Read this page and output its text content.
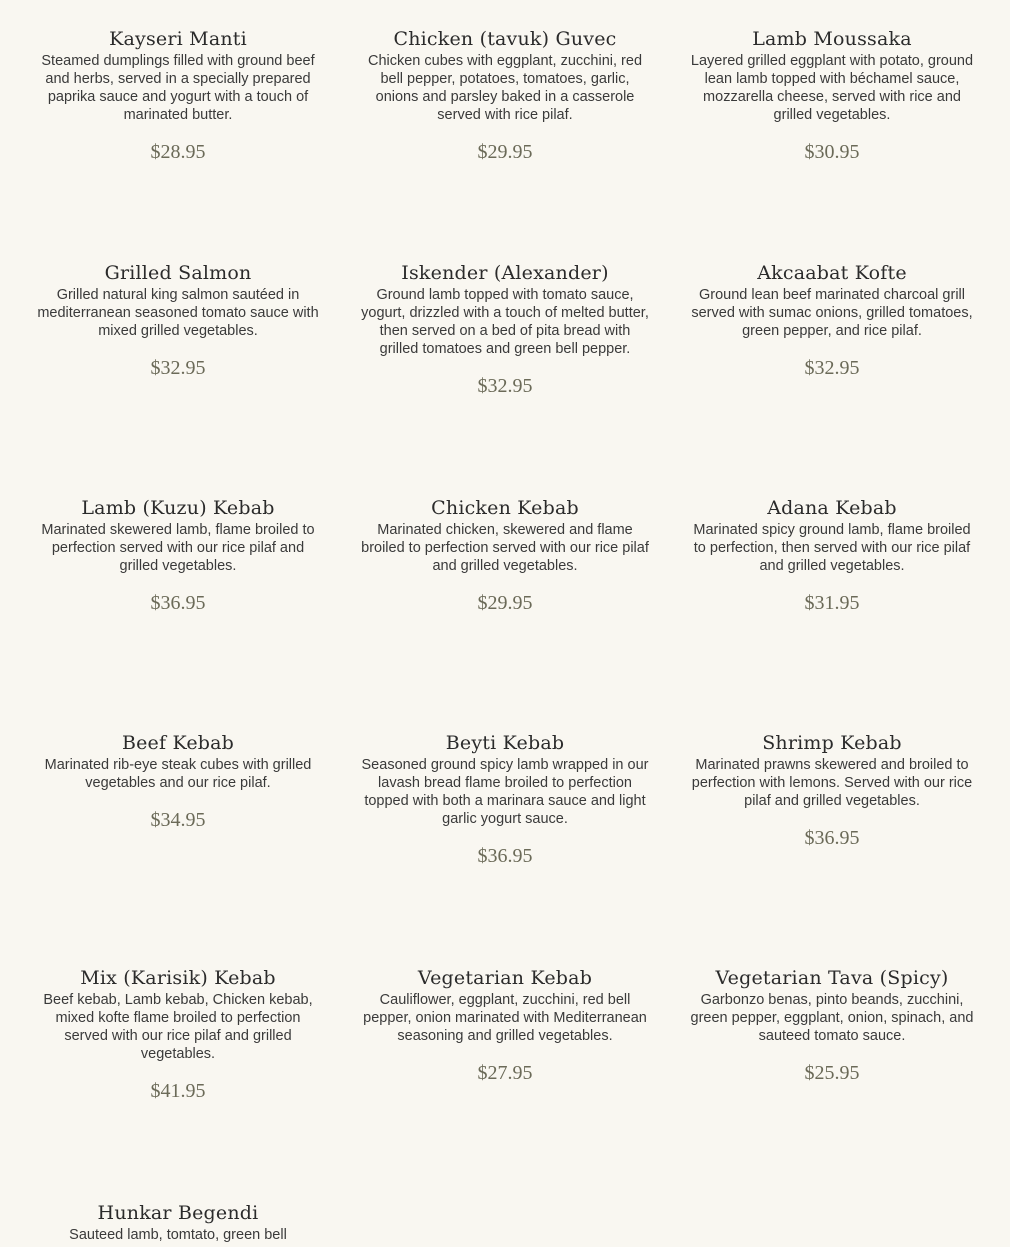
Kayseri Manti
Steamed dumplings filled with ground beef and herbs, served in a specially prepared paprika sauce and yogurt with a touch of marinated butter.
$28.95
Chicken (tavuk) Guvec
Chicken cubes with eggplant, zucchini, red bell pepper, potatoes, tomatoes, garlic, onions and parsley baked in a casserole served with rice pilaf.
$29.95
Lamb Moussaka
Layered grilled eggplant with potato, ground lean lamb topped with béchamel sauce, mozzarella cheese, served with rice and grilled vegetables.
$30.95
Grilled Salmon
Grilled natural king salmon sautéed in mediterranean seasoned tomato sauce with mixed grilled vegetables.
$32.95
Iskender (Alexander)
Ground lamb topped with tomato sauce, yogurt, drizzled with a touch of melted butter, then served on a bed of pita bread with grilled tomatoes and green bell pepper.
$32.95
Akcaabat Kofte
Ground lean beef marinated charcoal grill served with sumac onions, grilled tomatoes, green pepper, and rice pilaf.
$32.95
Lamb (Kuzu) Kebab
Marinated skewered lamb, flame broiled to perfection served with our rice pilaf and grilled vegetables.
$36.95
Chicken Kebab
Marinated chicken, skewered and flame broiled to perfection served with our rice pilaf and grilled vegetables.
$29.95
Adana Kebab
Marinated spicy ground lamb, flame broiled to perfection, then served with our rice pilaf and grilled vegetables.
$31.95
Beef Kebab
Marinated rib-eye steak cubes with grilled vegetables and our rice pilaf.
$34.95
Beyti Kebab
Seasoned ground spicy lamb wrapped in our lavash bread flame broiled to perfection topped with both a marinara sauce and light garlic yogurt sauce.
$36.95
Shrimp Kebab
Marinated prawns skewered and broiled to perfection with lemons. Served with our rice pilaf and grilled vegetables.
$36.95
Mix (Karisik) Kebab
Beef kebab, Lamb kebab, Chicken kebab, mixed kofte flame broiled to perfection served with our rice pilaf and grilled vegetables.
$41.95
Vegetarian Kebab
Cauliflower, eggplant, zucchini, red bell pepper, onion marinated with Mediterranean seasoning and grilled vegetables.
$27.95
Vegetarian Tava (Spicy)
Garbonzo benas, pinto beands, zucchini, green pepper, eggplant, onion, spinach, and sauteed tomato sauce.
$25.95
Hunkar Begendi
Sauteed lamb, tomtato, green bell
